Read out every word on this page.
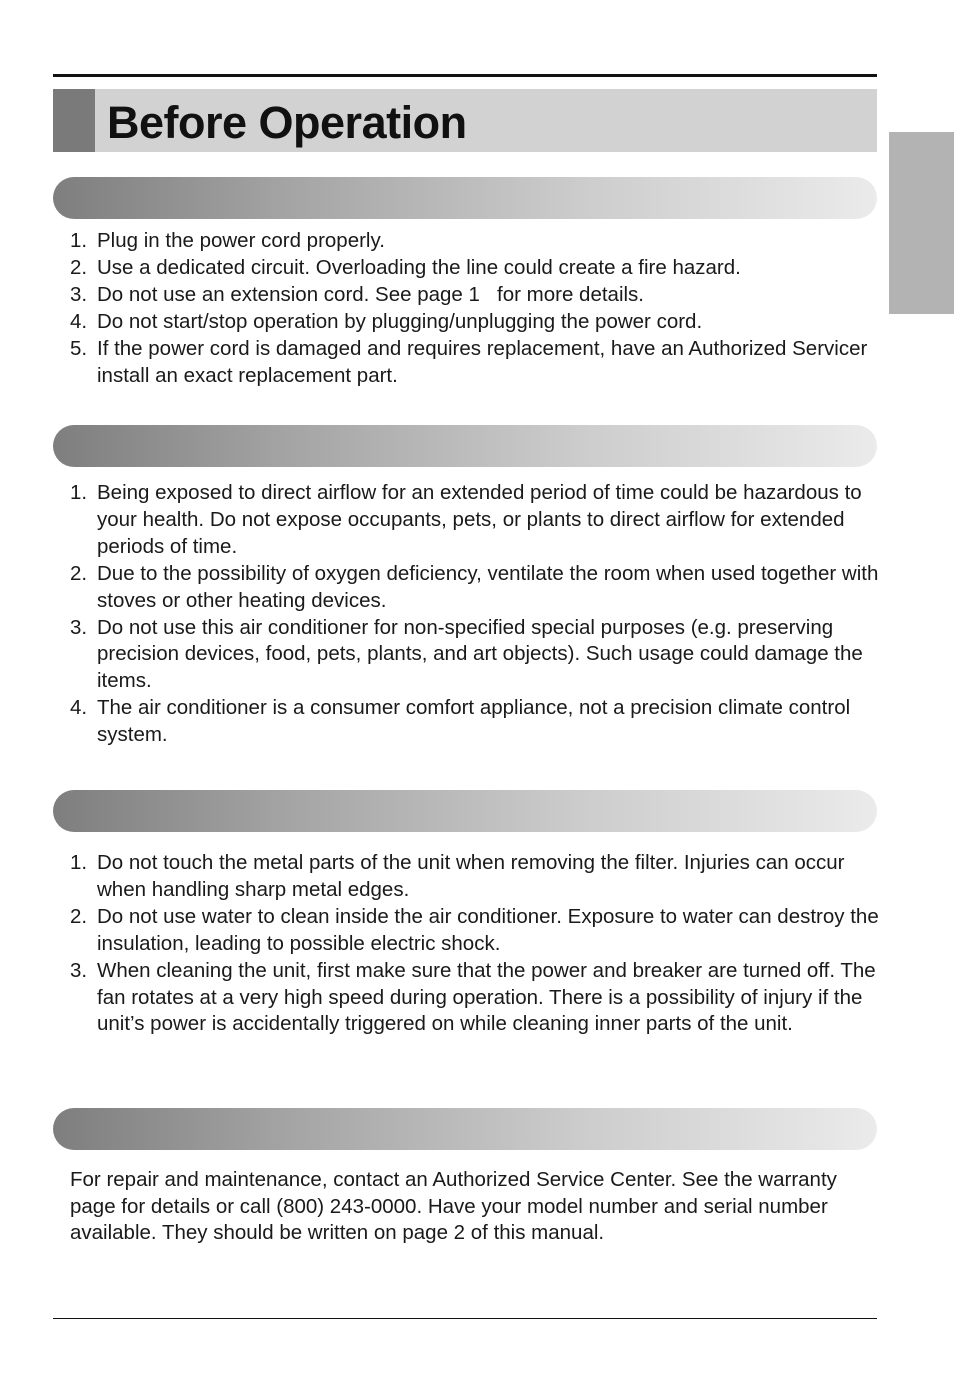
Before Operation
1. Plug in the power cord properly.
2. Use a dedicated circuit. Overloading the line could create a fire hazard.
3. Do not use an extension cord. See page 1   for more details.
4. Do not start/stop operation by plugging/unplugging the power cord.
5. If the power cord is damaged and requires replacement, have an Authorized Servicer install an exact replacement part.
1. Being exposed to direct airflow for an extended period of time could be hazardous to your health. Do not expose occupants, pets, or plants to direct airflow for extended periods of time.
2. Due to the possibility of oxygen deficiency, ventilate the room when used together with stoves or other heating devices.
3. Do not use this air conditioner for non-specified special purposes (e.g. preserving precision devices, food, pets, plants, and art objects). Such usage could damage the items.
4. The air conditioner is a consumer comfort appliance, not a precision climate control system.
1. Do not touch the metal parts of the unit when removing the filter. Injuries can occur when handling sharp metal edges.
2. Do not use water to clean inside the air conditioner. Exposure to water can destroy the insulation, leading to possible electric shock.
3. When cleaning the unit, first make sure that the power and breaker are turned off. The fan rotates at a very high speed during operation. There is a possibility of injury if the unit’s power is accidentally triggered on while cleaning inner parts of the unit.

For repair and maintenance, contact an Authorized Service Center. See the warranty page for details or call (800) 243-0000. Have your model number and serial number available. They should be written on page 2 of this manual.
